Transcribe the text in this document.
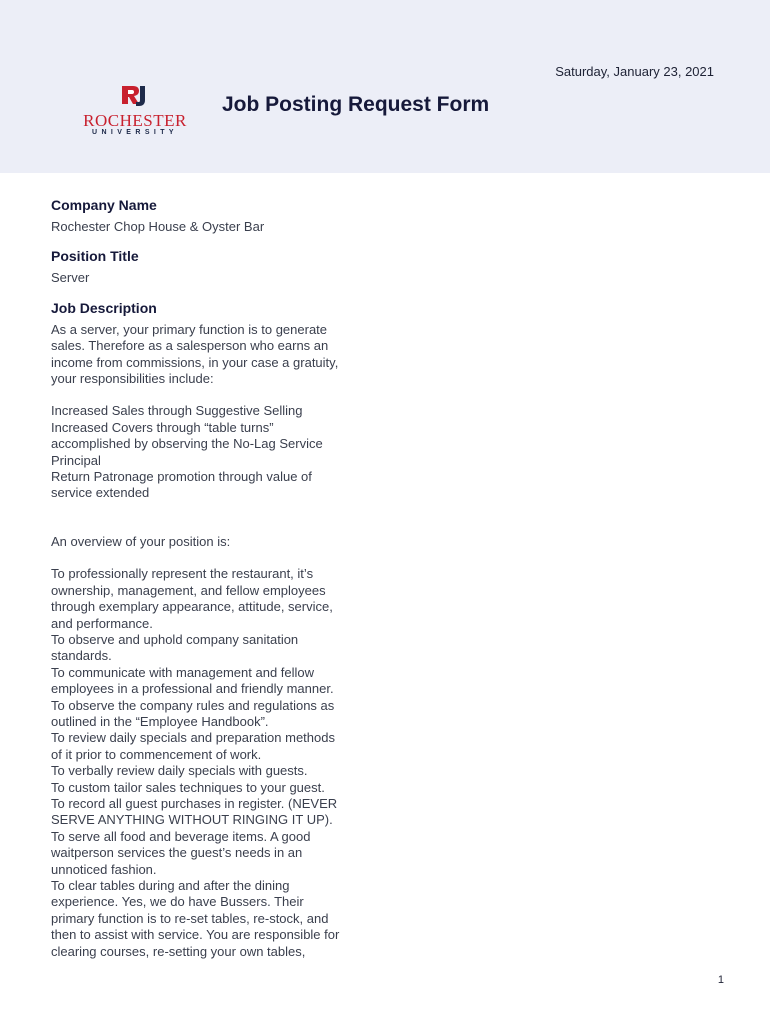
Saturday, January 23, 2021
ROCHESTER
UNIVERSITY
Job Posting Request Form
Company Name
Rochester Chop House & Oyster Bar
Position Title
Server
Job Description

As a server, your primary function is to generate

sales. Therefore as a salesperson who earns an

income from commissions, in your case a gratuity,

your responsibilities include:

Increased Sales through Suggestive Selling

Increased Covers through “table turns”

accomplished by observing the No-Lag Service

Principal

Return Patronage promotion through value of

service extended

An overview of your position is:

To professionally represent the restaurant, it’s

ownership, management, and fellow employees

through exemplary appearance, attitude, service,

and performance.

To observe and uphold company sanitation

standards.

To communicate with management and fellow

employees in a professional and friendly manner.

To observe the company rules and regulations as

outlined in the “Employee Handbook”.

To review daily specials and preparation methods

of it prior to commencement of work.

To verbally review daily specials with guests.

To custom tailor sales techniques to your guest.

To record all guest purchases in register. (NEVER

SERVE ANYTHING WITHOUT RINGING IT UP).

To serve all food and beverage items. A good

waitperson services the guest’s needs in an

unnoticed fashion.

To clear tables during and after the dining

experience. Yes, we do have Bussers. Their

primary function is to re-set tables, re-stock, and

then to assist with service. You are responsible for

clearing courses, re-setting your own tables,

1
